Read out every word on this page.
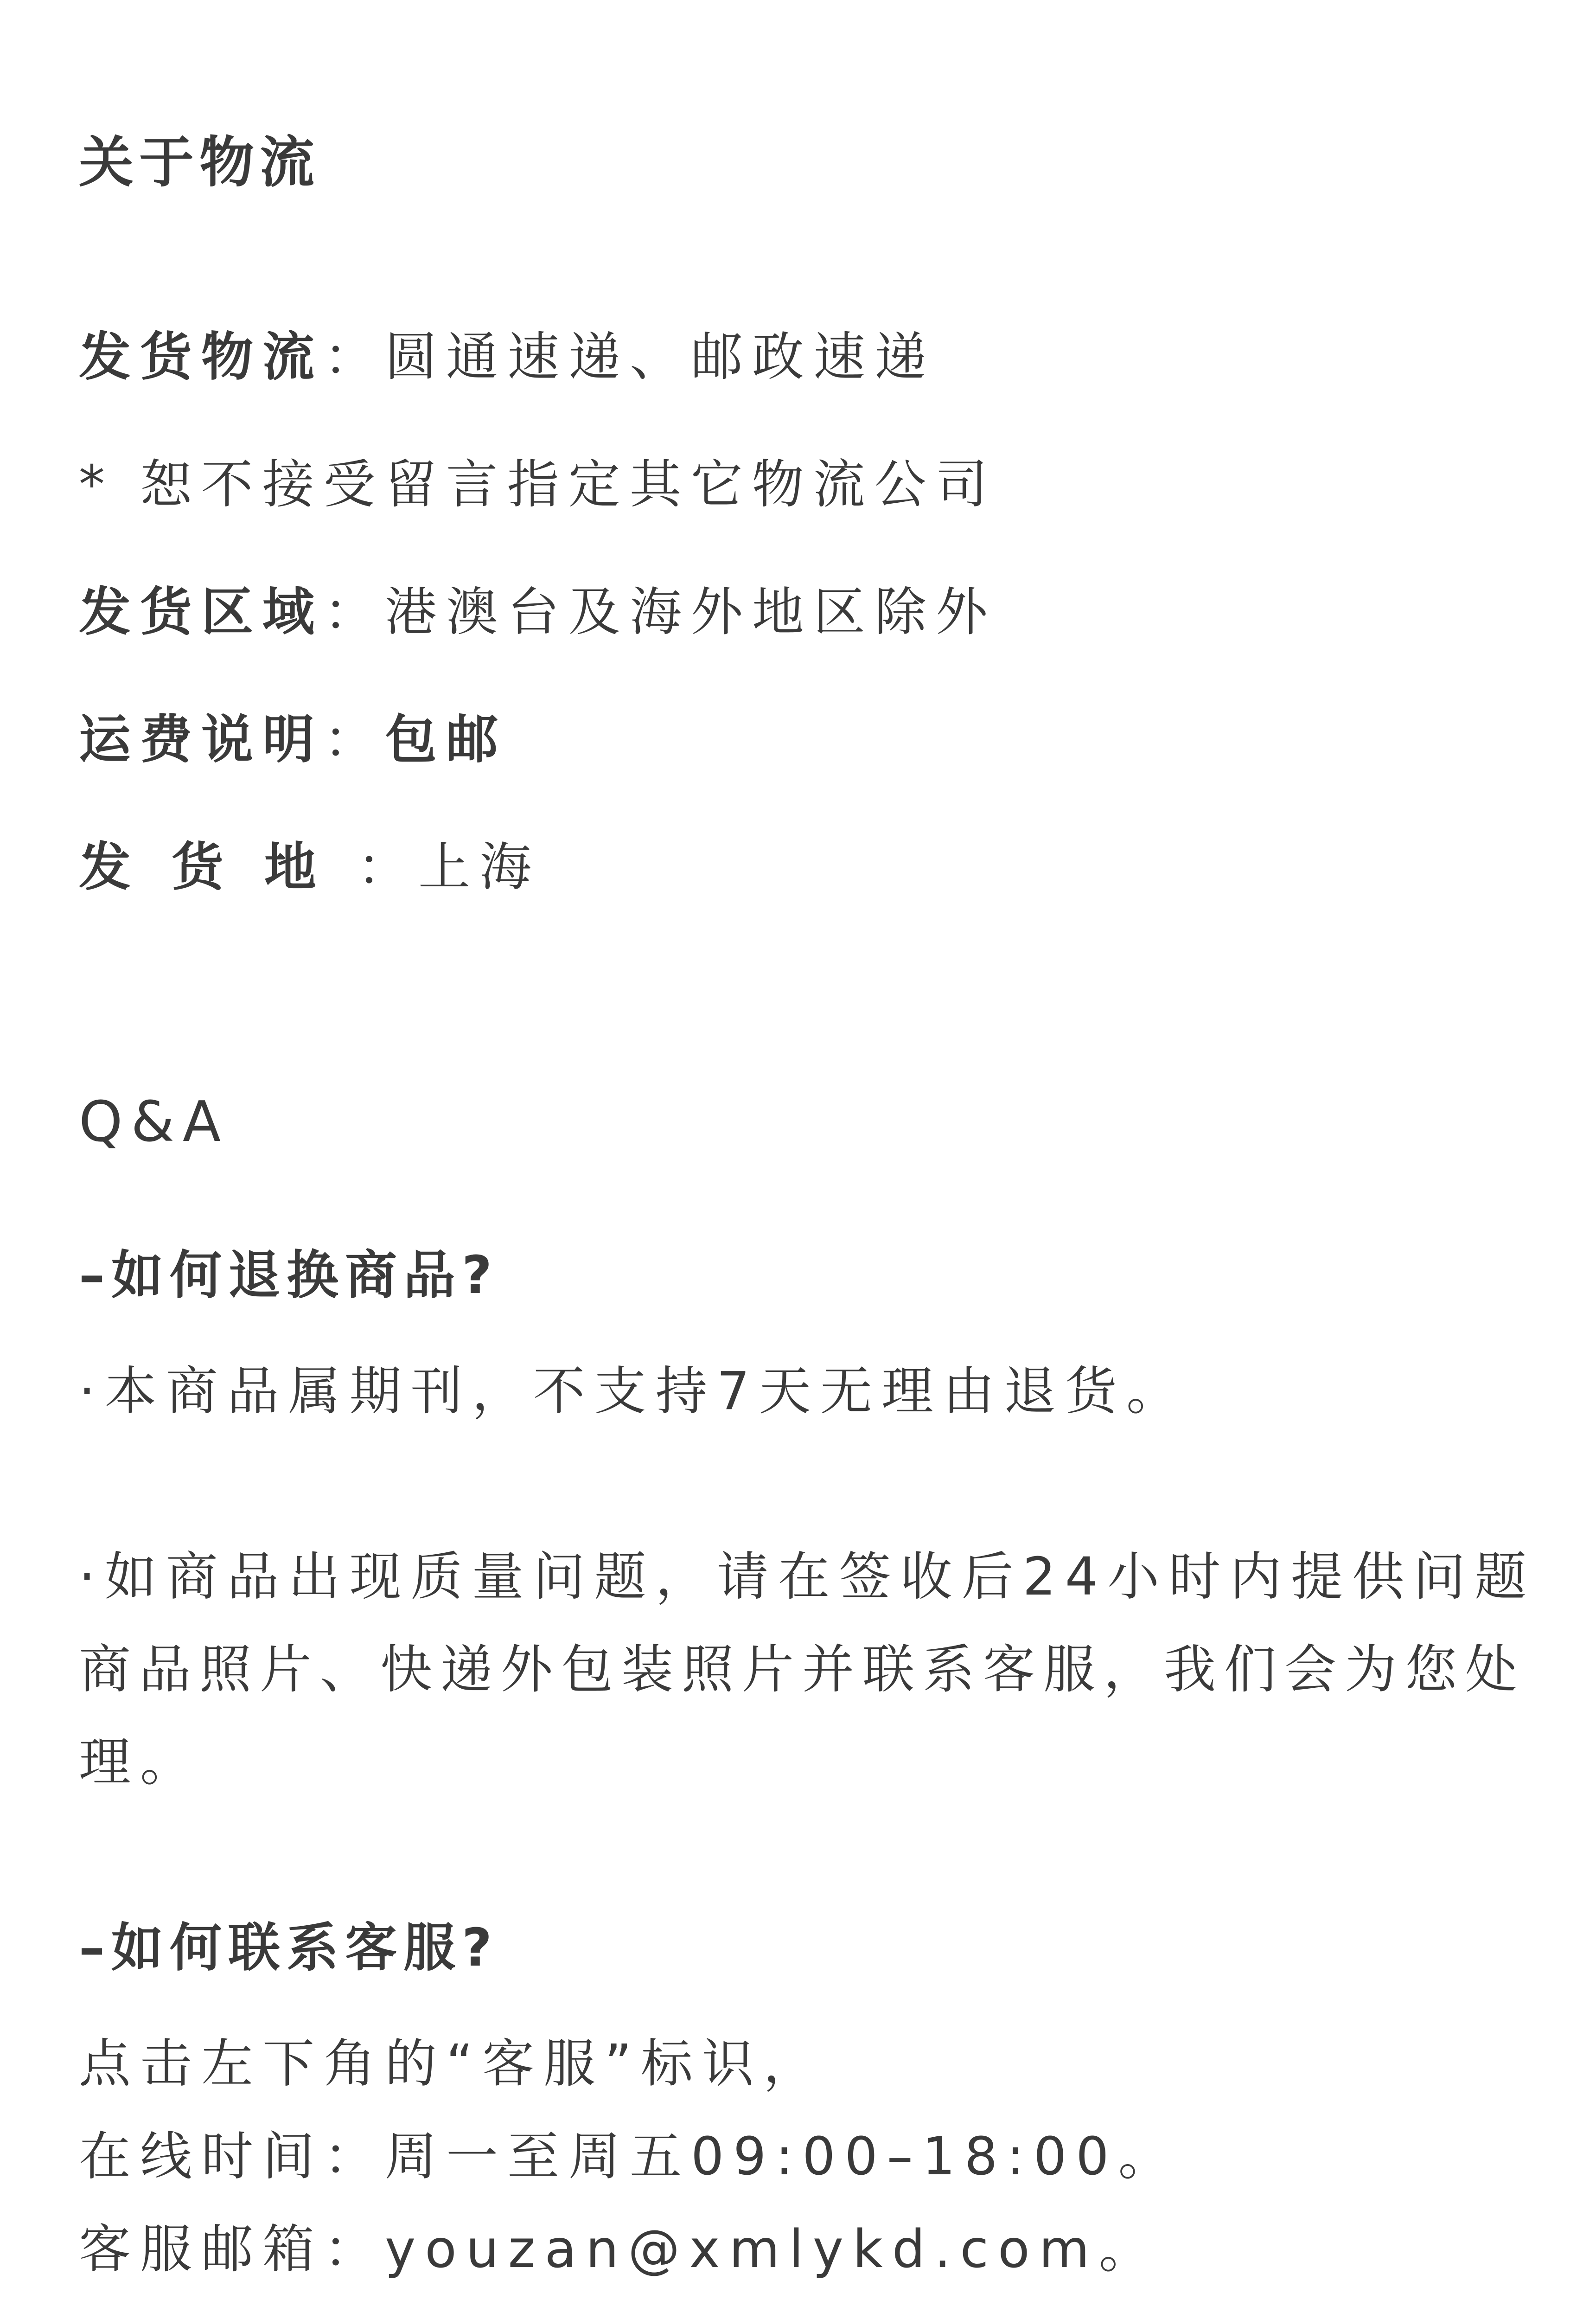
关于物流
发货物流：圆通速递、邮政速递
* 恕不接受留言指定其它物流公司
发货区域：港澳台及海外地区除外
运费说明：包邮
发货地：上海
Q&A
–如何退换商品?
·本商品属期刊，不支持7天无理由退货。
·如商品出现质量问题，请在签收后24小时内提供问题
商品照片、快递外包装照片并联系客服，我们会为您处
理。
–如何联系客服?
点击左下角的“客服”标识，
在线时间：周一至周五09:00–18:00。
客服邮箱：youzan@xmlykd.com。
